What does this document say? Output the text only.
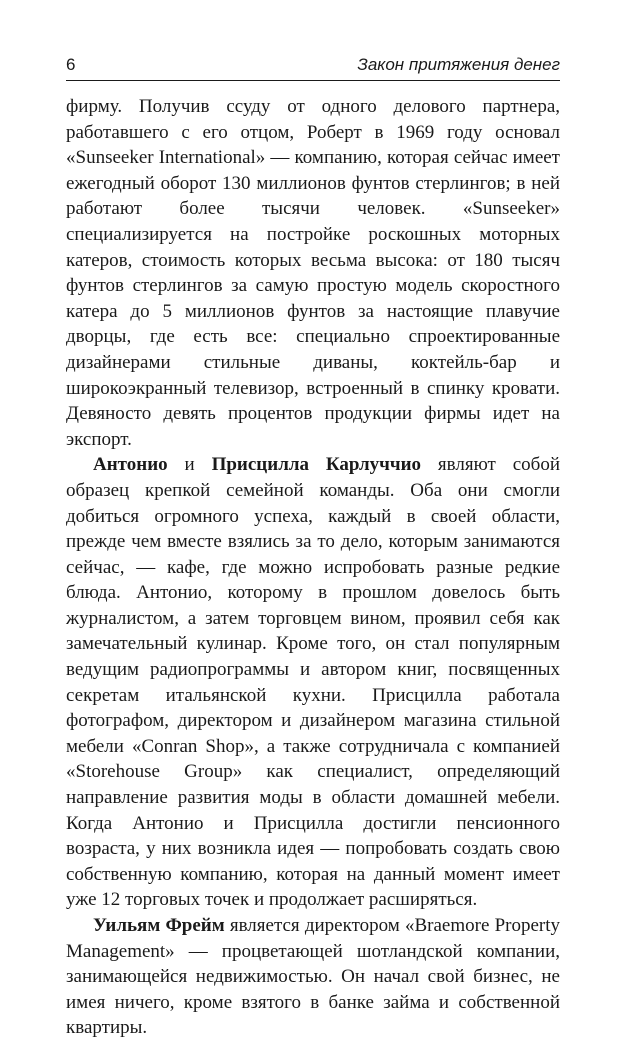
6	Закон притяжения денег

фирму. Получив ссуду от одного делового партнера, работавшего с его отцом, Роберт в 1969 году основал «Sunseeker International» — компанию, которая сейчас имеет ежегодный оборот 130 миллионов фунтов стерлингов; в ней работают более тысячи человек. «Sunseeker» специализируется на постройке роскошных моторных катеров, стоимость которых весьма высока: от 180 тысяч фунтов стерлингов за самую простую модель скоростного катера до 5 миллионов фунтов за настоящие плавучие дворцы, где есть все: специально спроектированные дизайнерами стильные диваны, коктейль-бар и широкоэкранный телевизор, встроенный в спинку кровати. Девяносто девять процентов продукции фирмы идет на экспорт.

Антонио и Присцилла Карлуччио являют собой образец крепкой семейной команды. Оба они смогли добиться огромного успеха, каждый в своей области, прежде чем вместе взялись за то дело, которым занимаются сейчас, — кафе, где можно испробовать разные редкие блюда. Антонио, которому в прошлом довелось быть журналистом, а затем торговцем вином, проявил себя как замечательный кулинар. Кроме того, он стал популярным ведущим радиопрограммы и автором книг, посвященных секретам итальянской кухни. Присцилла работала фотографом, директором и дизайнером магазина стильной мебели «Conran Shop», а также сотрудничала с компанией «Storehouse Group» как специалист, определяющий направление развития моды в области домашней мебели. Когда Антонио и Присцилла достигли пенсионного возраста, у них возникла идея — попробовать создать свою собственную компанию, которая на данный момент имеет уже 12 торговых точек и продолжает расширяться.

Уильям Фрейм является директором «Braemore Property Management» — процветающей шотландской компании, занимающейся недвижимостью. Он начал свой бизнес, не имея ничего, кроме взятого в банке займа и собственной квартиры.
